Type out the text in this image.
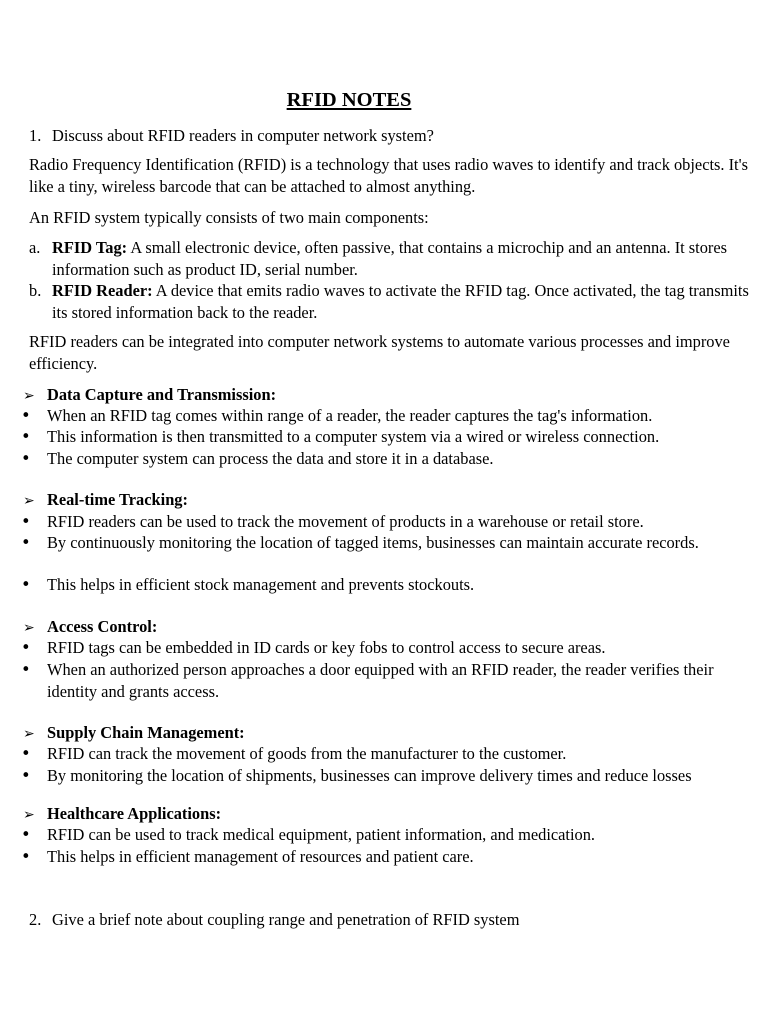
RFID NOTES
1. Discuss about RFID readers in computer network system?
Radio Frequency Identification (RFID) is a technology that uses radio waves to identify and track objects. It's like a tiny, wireless barcode that can be attached to almost anything.
An RFID system typically consists of two main components:
a. RFID Tag: A small electronic device, often passive, that contains a microchip and an antenna. It stores information such as product ID, serial number.
b. RFID Reader: A device that emits radio waves to activate the RFID tag. Once activated, the tag transmits its stored information back to the reader.
RFID readers can be integrated into computer network systems to automate various processes and improve efficiency.
➢ Data Capture and Transmission:
• When an RFID tag comes within range of a reader, the reader captures the tag's information.
• This information is then transmitted to a computer system via a wired or wireless connection.
• The computer system can process the data and store it in a database.
➢ Real-time Tracking:
• RFID readers can be used to track the movement of products in a warehouse or retail store.
• By continuously monitoring the location of tagged items, businesses can maintain accurate records.
• This helps in efficient stock management and prevents stockouts.
➢ Access Control:
• RFID tags can be embedded in ID cards or key fobs to control access to secure areas.
• When an authorized person approaches a door equipped with an RFID reader, the reader verifies their identity and grants access.
➢ Supply Chain Management:
• RFID can track the movement of goods from the manufacturer to the customer.
• By monitoring the location of shipments, businesses can improve delivery times and reduce losses
➢ Healthcare Applications:
• RFID can be used to track medical equipment, patient information, and medication.
• This helps in efficient management of resources and patient care.
2. Give a brief note about coupling range and penetration of RFID system
